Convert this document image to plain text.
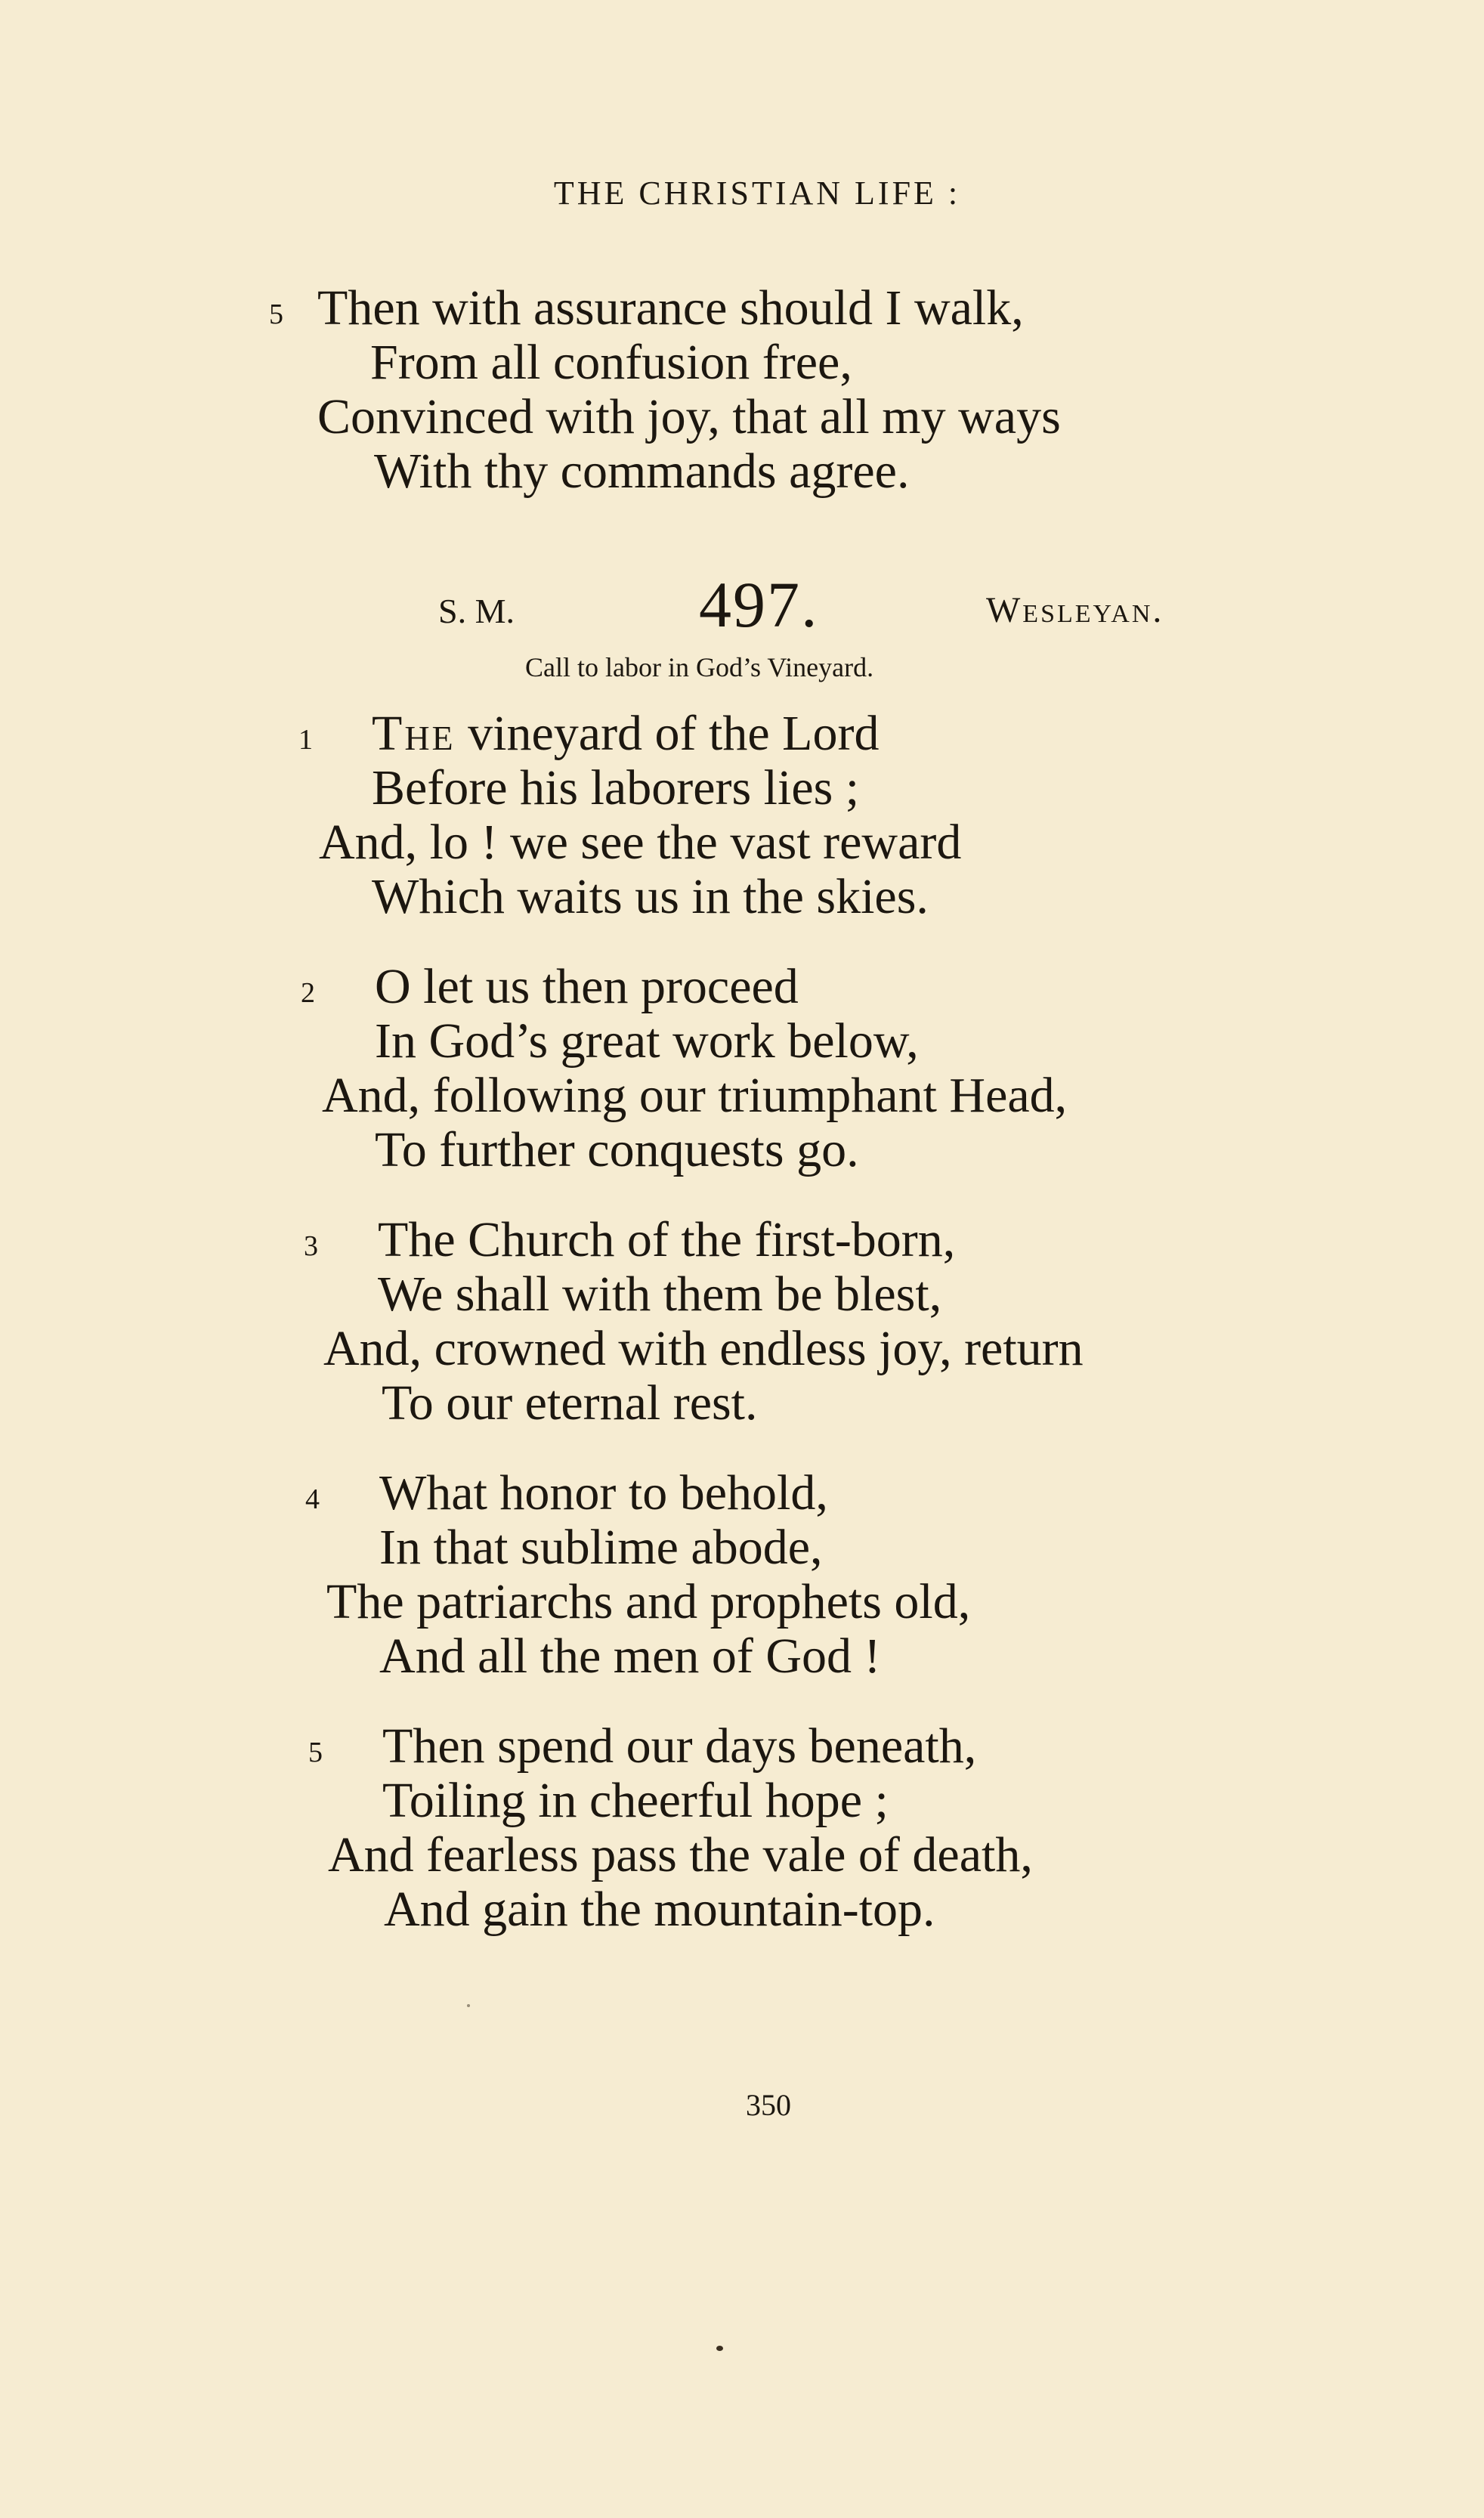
THE CHRISTIAN LIFE :
5 Then with assurance should I walk,
From all confusion free,
Convinced with joy, that all my ways
With thy commands agree.
S. M.	497.	Wesleyan.
Call to labor in God’s Vineyard.
1 The vineyard of the Lord
Before his laborers lies ;
And, lo ! we see the vast reward
Which waits us in the skies.
2 O let us then proceed
In God’s great work below,
And, following our triumphant Head,
To further conquests go.
3 The Church of the first-born,
We shall with them be blest,
And, crowned with endless joy, return
To our eternal rest.
4 What honor to behold,
In that sublime abode,
The patriarchs and prophets old,
And all the men of God !
5 Then spend our days beneath,
Toiling in cheerful hope ;
And fearless pass the vale of death,
And gain the mountain-top.
350
